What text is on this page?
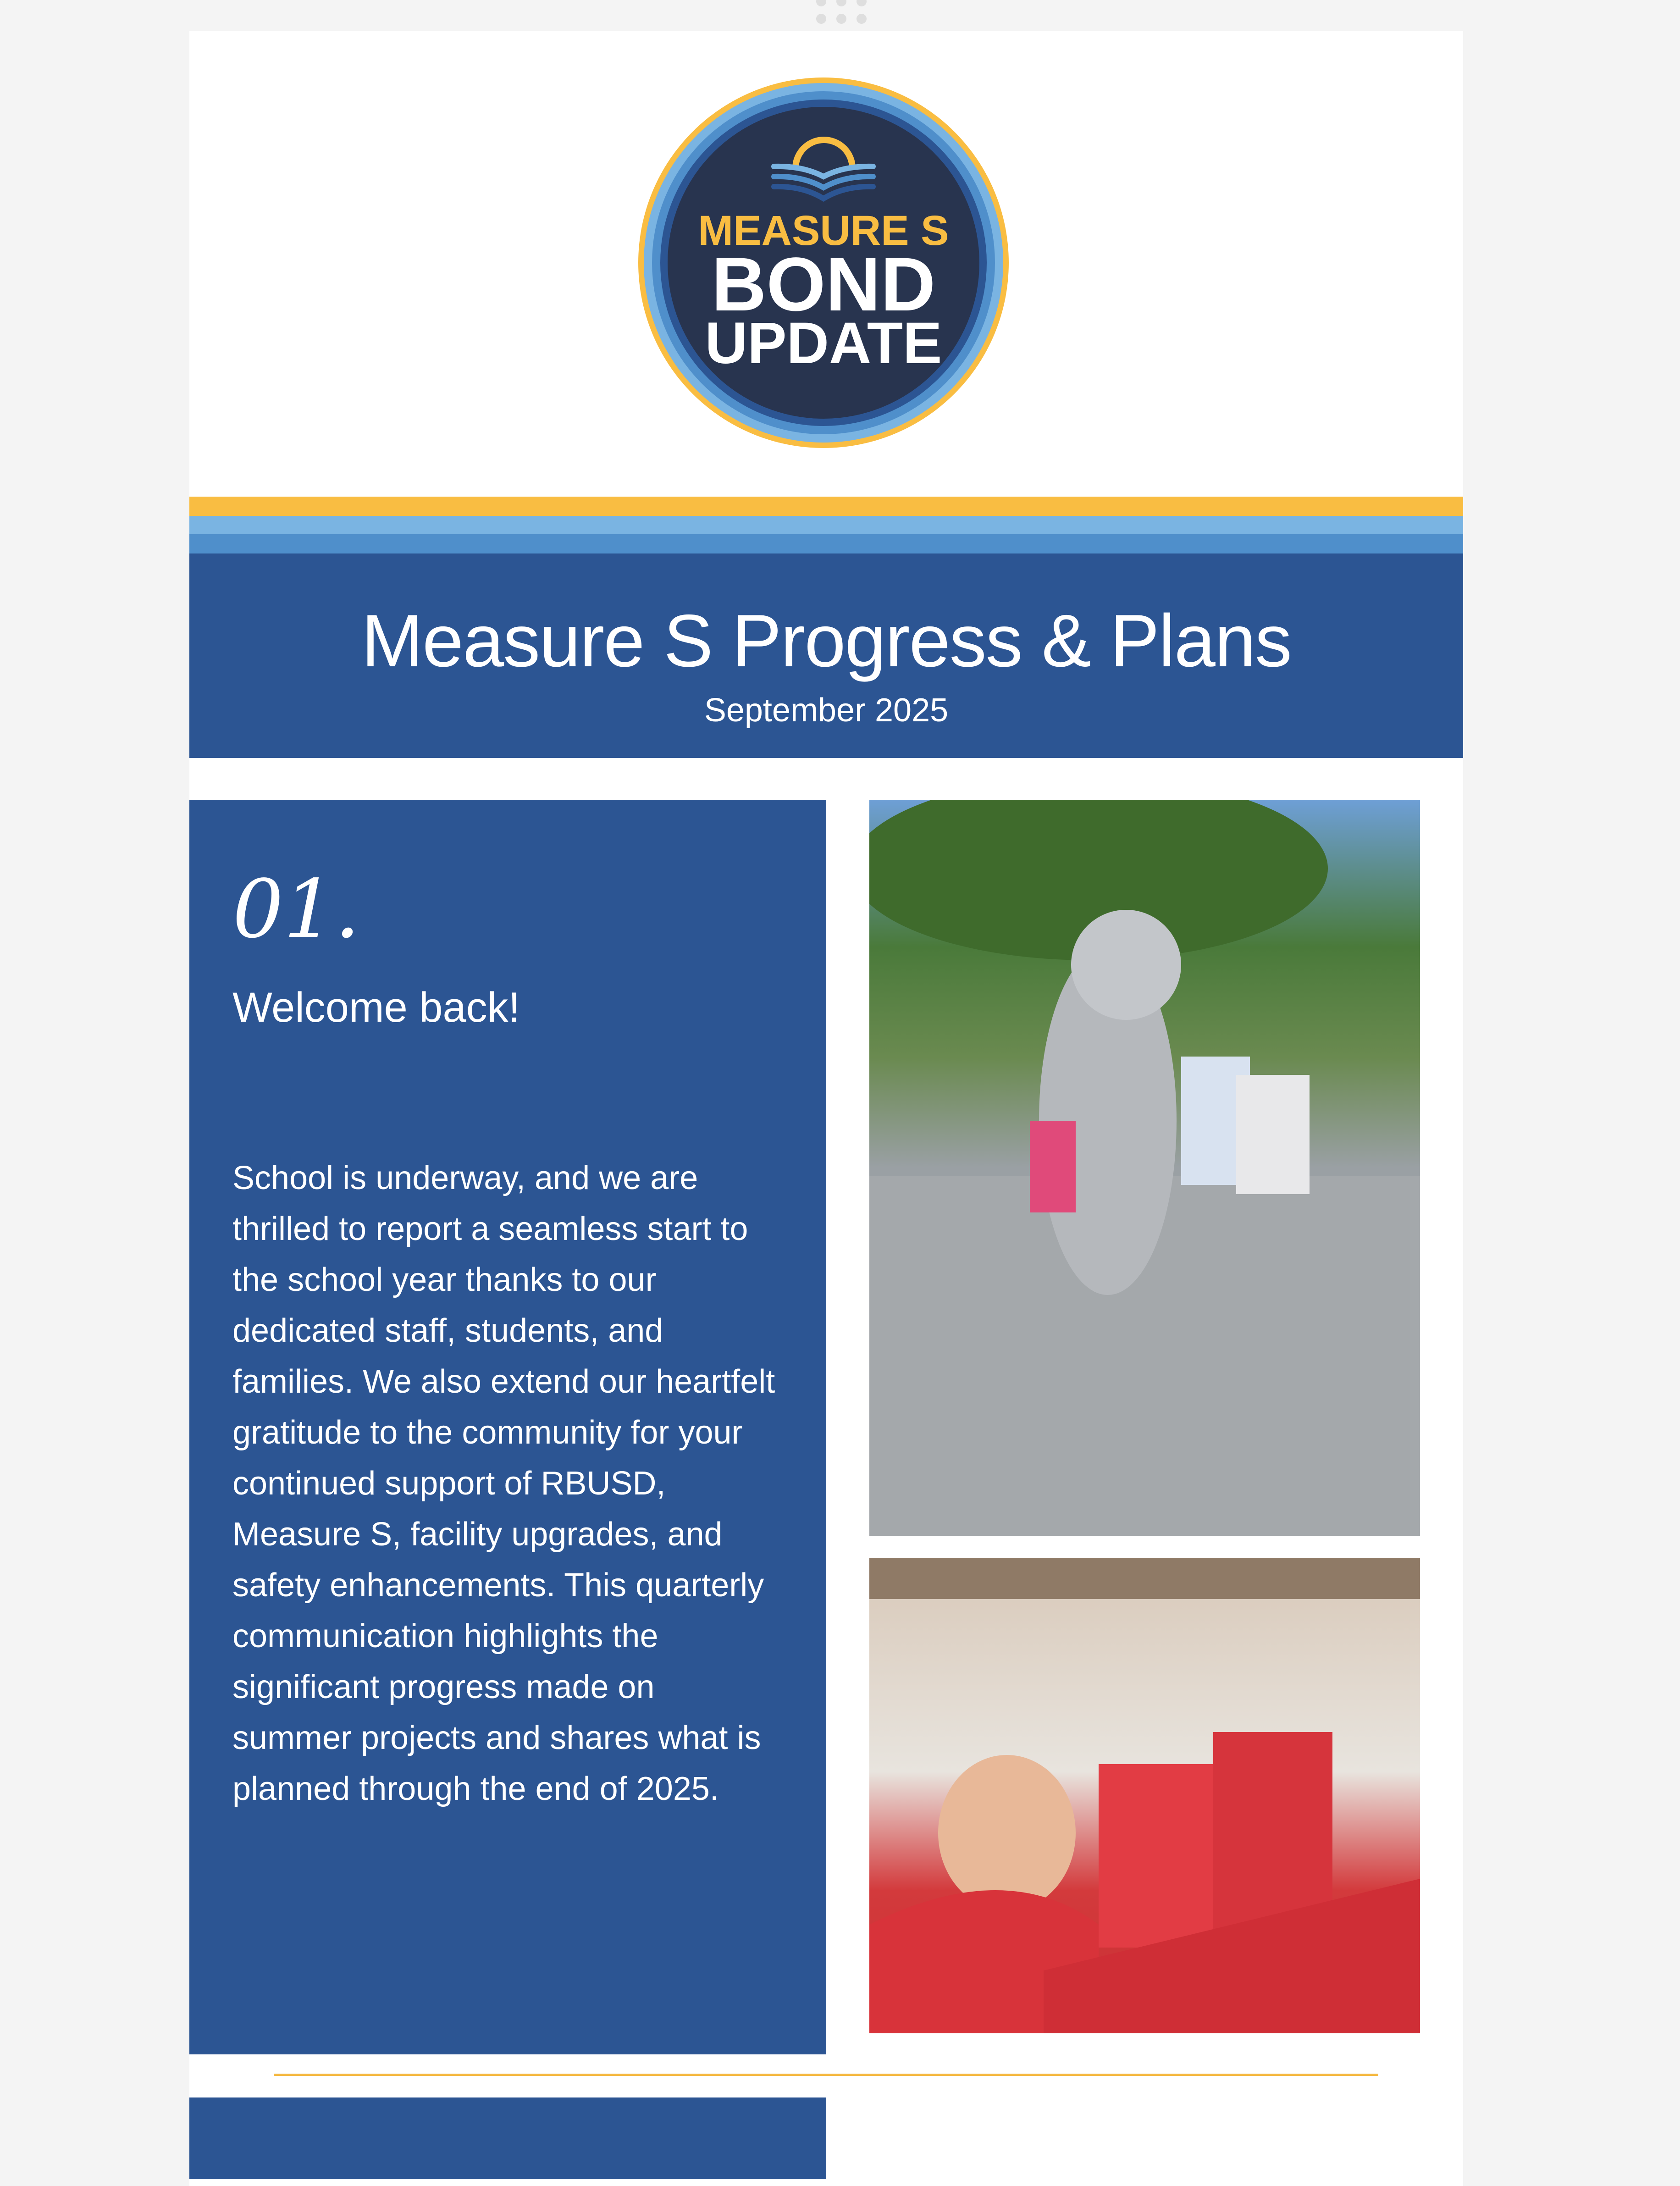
MEASURE S
BOND
UPDATE
Measure S Progress & Plans
September 2025
01.
Welcome back!
School is underway, and we are thrilled to report a seamless start to the school year thanks to our dedicated staff, students, and families. We also extend our heartfelt gratitude to the community for your continued support of RBUSD, Measure S, facility upgrades, and safety enhancements. This quarterly communication highlights the significant progress made on summer projects and shares what is planned through the end of 2025.
